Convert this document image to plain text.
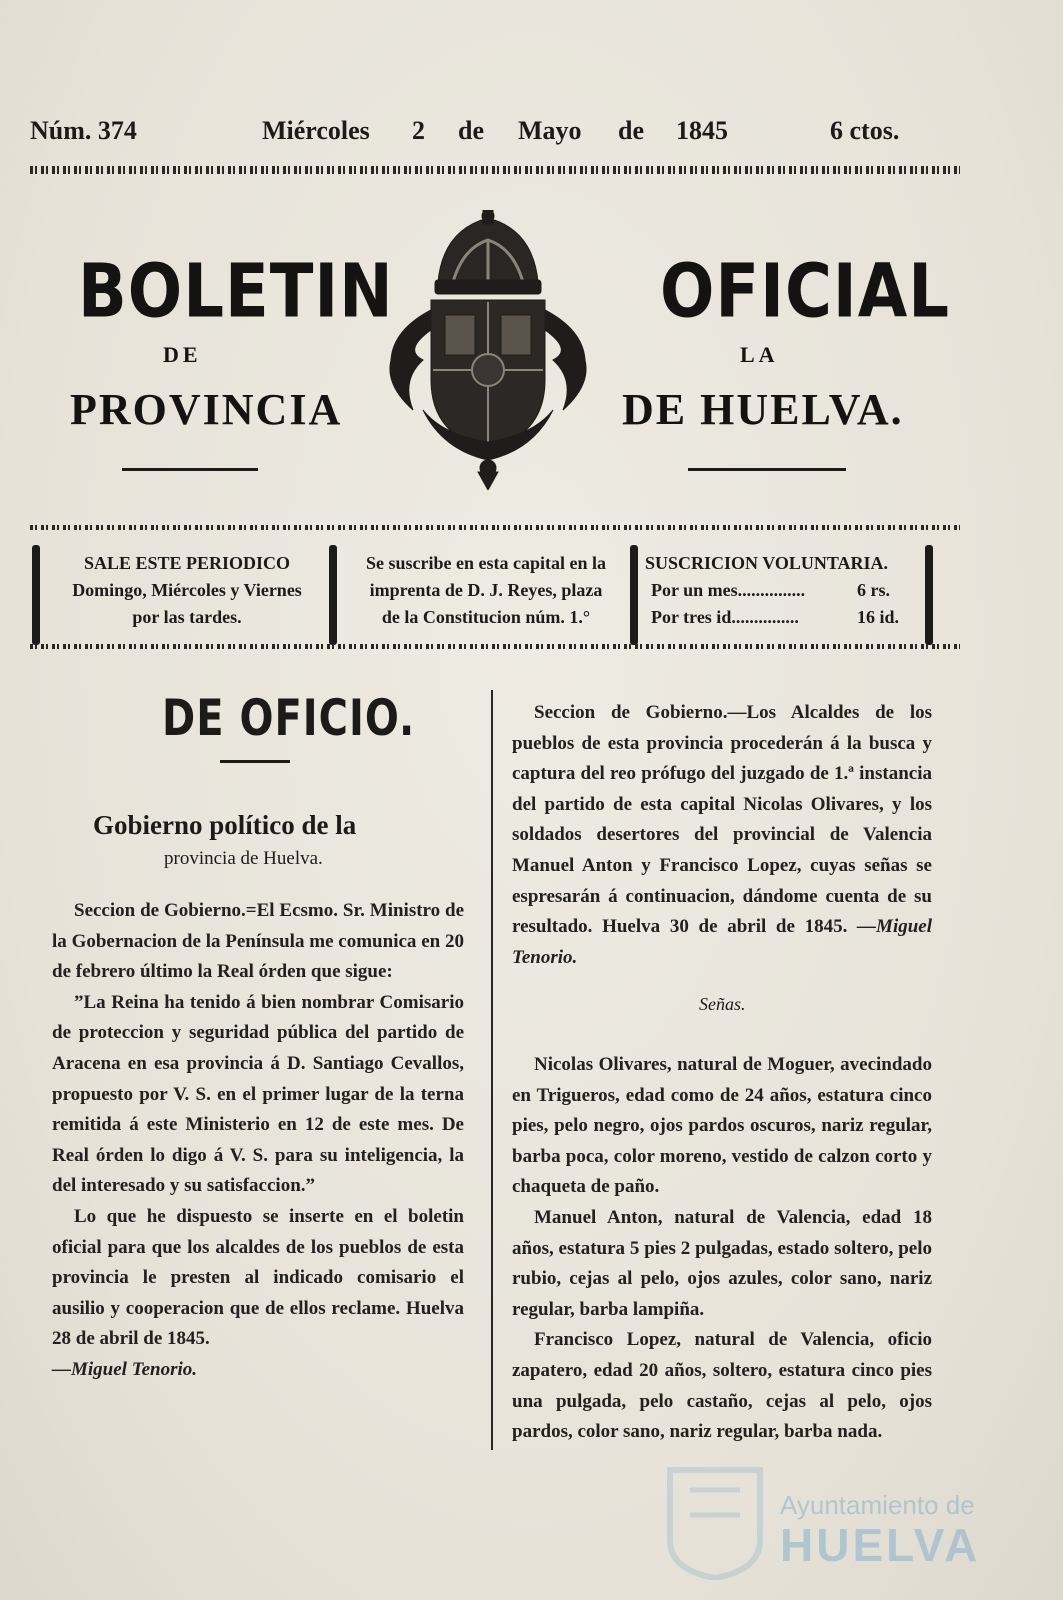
Núm. 374	Miércoles 2 de Mayo de 1845	6 ctos.
BOLETIN	OFICIAL
DE	LA
PROVINCIA	DE HUELVA.
SALE ESTE PERIODICO
Domingo, Miércoles y Viernes
por las tardes.
Se suscribe en esta capital en la
imprenta de D. J. Reyes, plaza
de la Constitucion núm. 1.°
SUSCRICION VOLUNTARIA.
Por un mes...............	6 rs.
Por tres id...............	16 id.
DE OFICIO.
Gobierno político de la
provincia de Huelva.

Seccion de Gobierno.=El Ecsmo. Sr. Ministro de la Gobernacion de la Península me comunica en 20 de febrero último la Real órden que sigue:

”La Reina ha tenido á bien nombrar Comisario de proteccion y seguridad pública del partido de Aracena en esa provincia á D. Santiago Cevallos, propuesto por V. S. en el primer lugar de la terna remitida á este Ministerio en 12 de este mes. De Real órden lo digo á V. S. para su inteligencia, la del interesado y su satisfaccion.”

Lo que he dispuesto se inserte en el boletin oficial para que los alcaldes de los pueblos de esta provincia le presten al indicado comisario el ausilio y cooperacion que de ellos reclame. Huelva 28 de abril de 1845.
—Miguel Tenorio.

Seccion de Gobierno.—Los Alcaldes de los pueblos de esta provincia procederán á la busca y captura del reo prófugo del juzgado de 1.ª instancia del partido de esta capital Nicolas Olivares, y los soldados desertores del provincial de Valencia Manuel Anton y Francisco Lopez, cuyas señas se espresarán á continuacion, dándome cuenta de su resultado. Huelva 30 de abril de 1845. —Miguel Tenorio.

Señas.

Nicolas Olivares, natural de Moguer, avecindado en Trigueros, edad como de 24 años, estatura cinco pies, pelo negro, ojos pardos oscuros, nariz regular, barba poca, color moreno, vestido de calzon corto y chaqueta de paño.

Manuel Anton, natural de Valencia, edad 18 años, estatura 5 pies 2 pulgadas, estado soltero, pelo rubio, cejas al pelo, ojos azules, color sano, nariz regular, barba lampiña.

Francisco Lopez, natural de Valencia, oficio zapatero, edad 20 años, soltero, estatura cinco pies una pulgada, pelo castaño, cejas al pelo, ojos pardos, color sano, nariz regular, barba nada.

Ayuntamiento de
HUELVA
